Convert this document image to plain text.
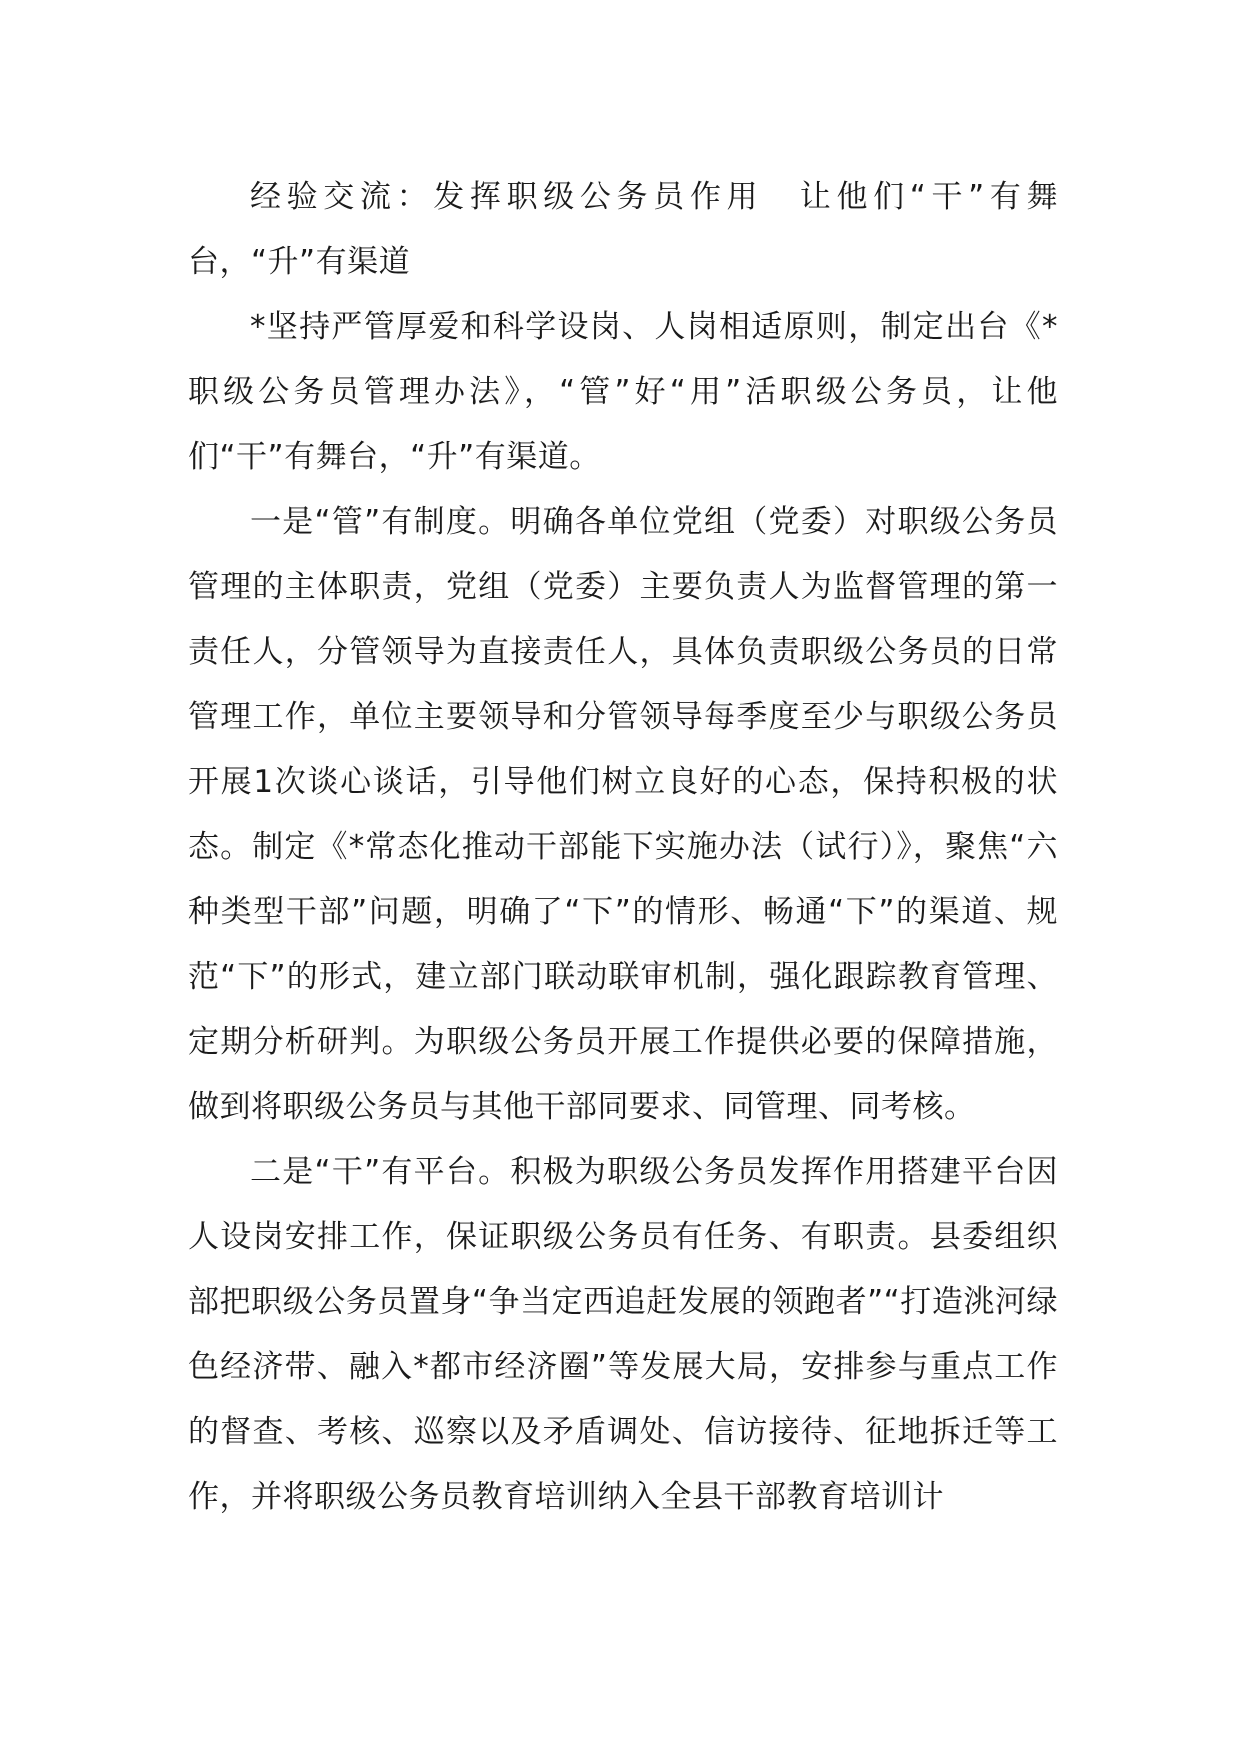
经验交流：发挥职级公务员作用　让他们“干”有舞台，“升”有渠道

*坚持严管厚爱和科学设岗、人岗相适原则，制定出台《*职级公务员管理办法》，“管”好“用”活职级公务员，让他们“干”有舞台，“升”有渠道。

一是“管”有制度。明确各单位党组（党委）对职级公务员管理的主体职责，党组（党委）主要负责人为监督管理的第一责任人，分管领导为直接责任人，具体负责职级公务员的日常管理工作，单位主要领导和分管领导每季度至少与职级公务员开展1次谈心谈话，引导他们树立良好的心态，保持积极的状态。制定《*常态化推动干部能下实施办法（试行）》，聚焦“六种类型干部”问题，明确了“下”的情形、畅通“下”的渠道、规范“下”的形式，建立部门联动联审机制，强化跟踪教育管理、定期分析研判。为职级公务员开展工作提供必要的保障措施，做到将职级公务员与其他干部同要求、同管理、同考核。

二是“干”有平台。积极为职级公务员发挥作用搭建平台因人设岗安排工作，保证职级公务员有任务、有职责。县委组织部把职级公务员置身“争当定西追赶发展的领跑者”“打造洮河绿色经济带、融入*都市经济圈”等发展大局，安排参与重点工作的督查、考核、巡察以及矛盾调处、信访接待、征地拆迁等工作，并将职级公务员教育培训纳入全县干部教育培训计
